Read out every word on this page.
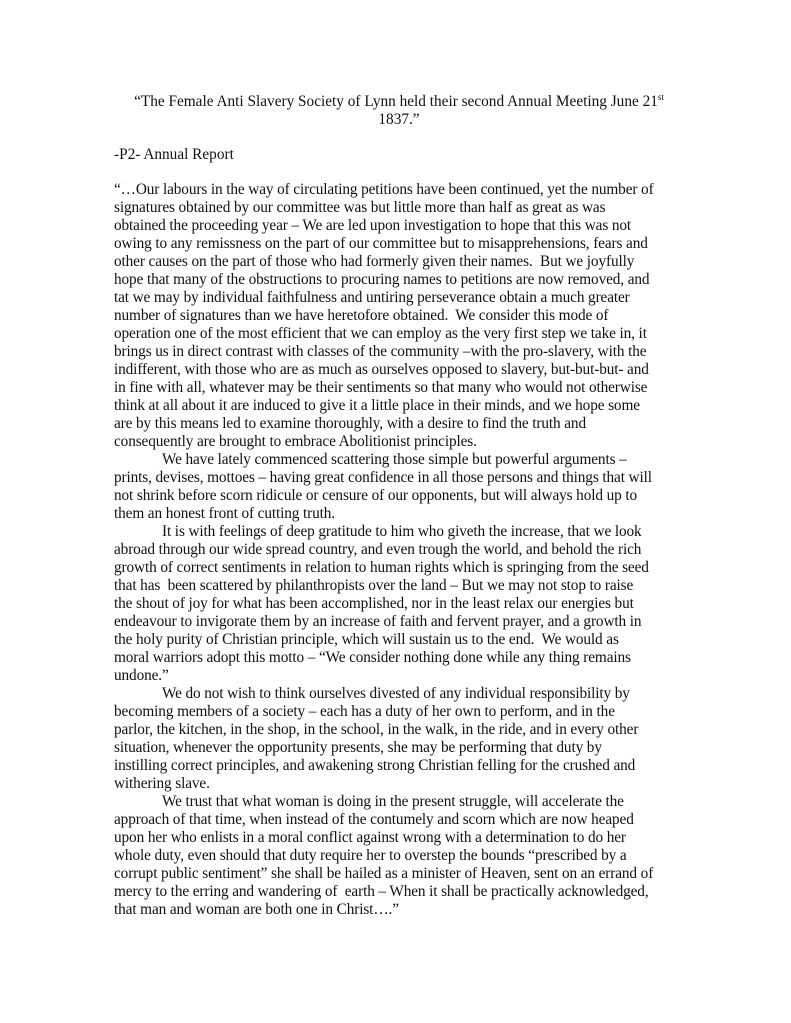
“The Female Anti Slavery Society of Lynn held their second Annual Meeting June 21st
1837.”
-P2- Annual Report
“…Our labours in the way of circulating petitions have been continued, yet the number of
signatures obtained by our committee was but little more than half as great as was
obtained the proceeding year – We are led upon investigation to hope that this was not
owing to any remissness on the part of our committee but to misapprehensions, fears and
other causes on the part of those who had formerly given their names.  But we joyfully
hope that many of the obstructions to procuring names to petitions are now removed, and
tat we may by individual faithfulness and untiring perseverance obtain a much greater
number of signatures than we have heretofore obtained.  We consider this mode of
operation one of the most efficient that we can employ as the very first step we take in, it
brings us in direct contrast with classes of the community –with the pro-slavery, with the
indifferent, with those who are as much as ourselves opposed to slavery, but-but-but- and
in fine with all, whatever may be their sentiments so that many who would not otherwise
think at all about it are induced to give it a little place in their minds, and we hope some
are by this means led to examine thoroughly, with a desire to find the truth and
consequently are brought to embrace Abolitionist principles.
We have lately commenced scattering those simple but powerful arguments –
prints, devises, mottoes – having great confidence in all those persons and things that will
not shrink before scorn ridicule or censure of our opponents, but will always hold up to
them an honest front of cutting truth.
It is with feelings of deep gratitude to him who giveth the increase, that we look
abroad through our wide spread country, and even trough the world, and behold the rich
growth of correct sentiments in relation to human rights which is springing from the seed
that has  been scattered by philanthropists over the land – But we may not stop to raise
the shout of joy for what has been accomplished, nor in the least relax our energies but
endeavour to invigorate them by an increase of faith and fervent prayer, and a growth in
the holy purity of Christian principle, which will sustain us to the end.  We would as
moral warriors adopt this motto – “We consider nothing done while any thing remains
undone.”
We do not wish to think ourselves divested of any individual responsibility by
becoming members of a society – each has a duty of her own to perform, and in the
parlor, the kitchen, in the shop, in the school, in the walk, in the ride, and in every other
situation, whenever the opportunity presents, she may be performing that duty by
instilling correct principles, and awakening strong Christian felling for the crushed and
withering slave.
We trust that what woman is doing in the present struggle, will accelerate the
approach of that time, when instead of the contumely and scorn which are now heaped
upon her who enlists in a moral conflict against wrong with a determination to do her
whole duty, even should that duty require her to overstep the bounds “prescribed by a
corrupt public sentiment” she shall be hailed as a minister of Heaven, sent on an errand of
mercy to the erring and wandering of  earth – When it shall be practically acknowledged,
that man and woman are both one in Christ….”
